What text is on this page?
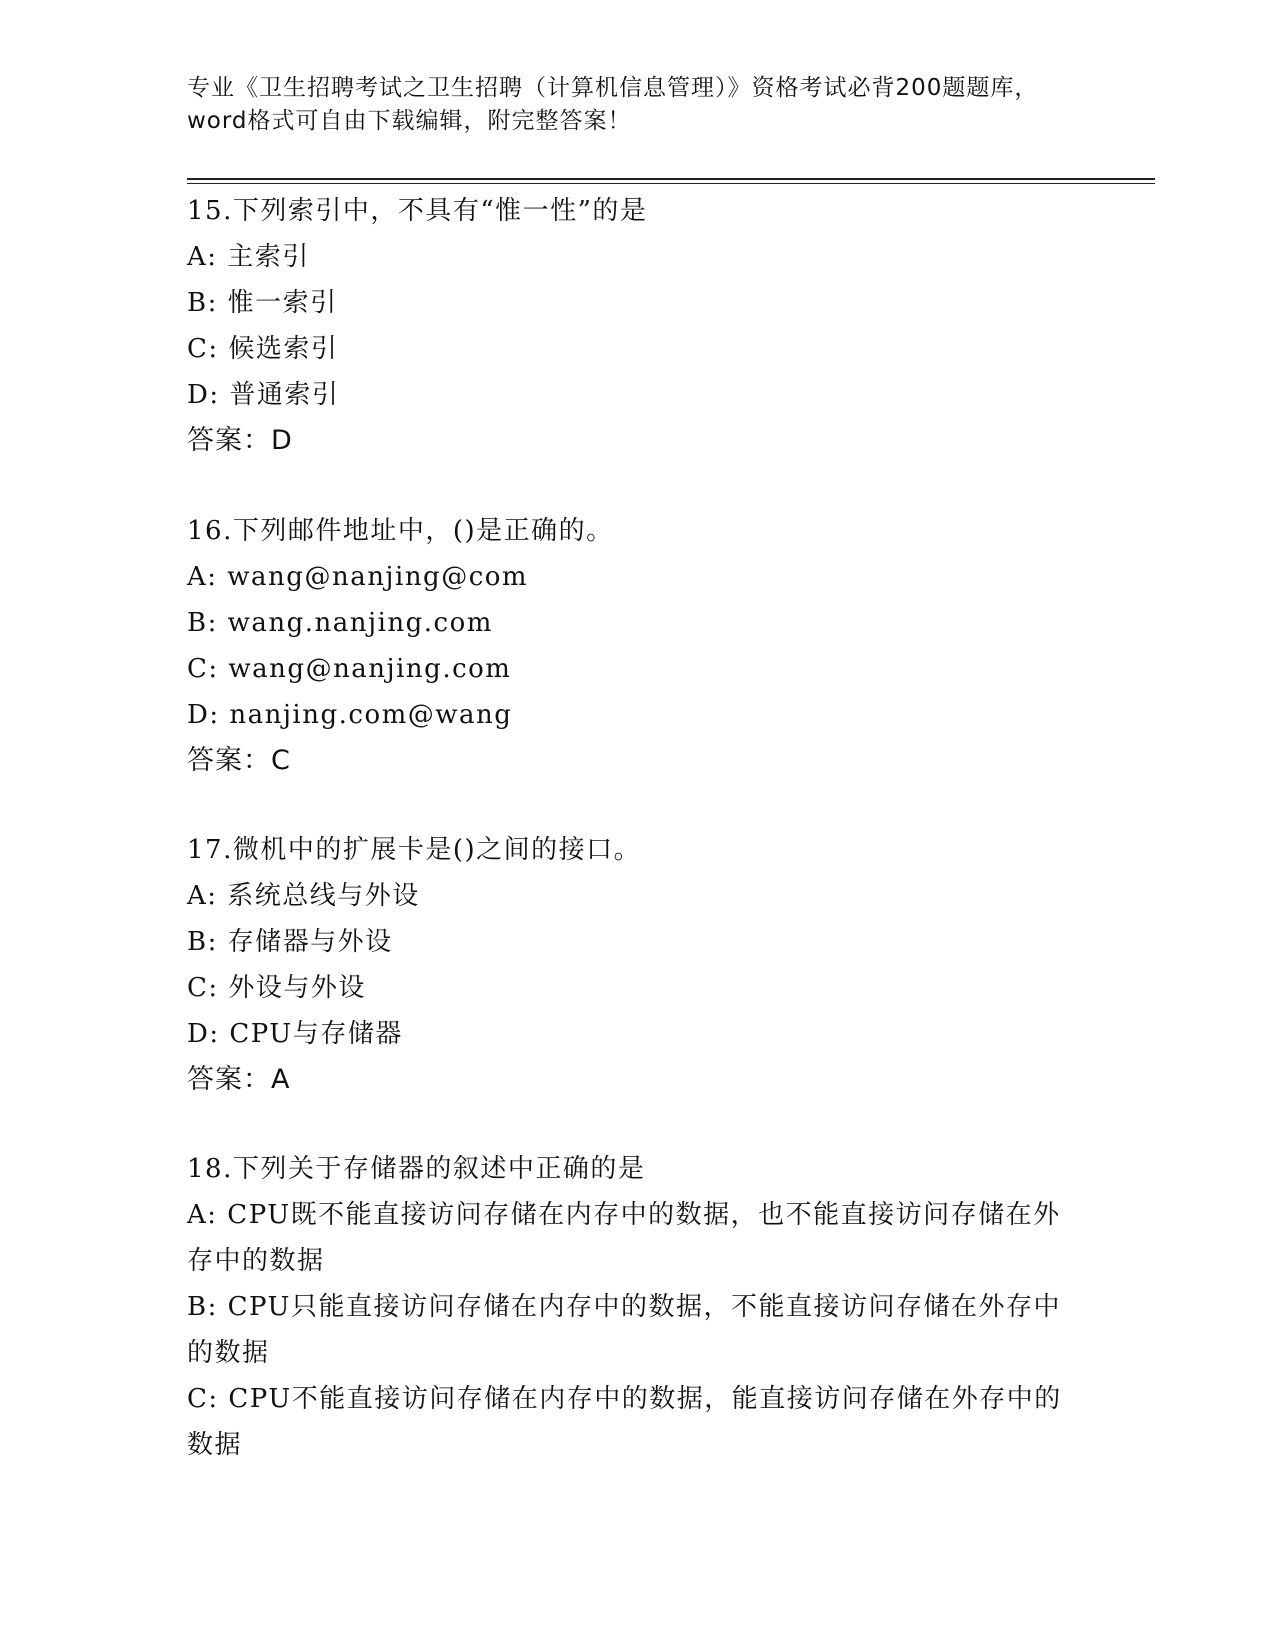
专业《卫生招聘考试之卫生招聘（计算机信息管理）》资格考试必背200题题库，
word格式可自由下载编辑，附完整答案！
15.下列索引中，不具有“惟一性”的是
A: 主索引
B: 惟一索引
C: 候选索引
D: 普通索引
答案：D
16.下列邮件地址中，()是正确的。
A: wang@nanjing@com
B: wang.nanjing.com
C: wang@nanjing.com
D: nanjing.com@wang
答案：C
17.微机中的扩展卡是()之间的接口。
A: 系统总线与外设
B: 存储器与外设
C: 外设与外设
D: CPU与存储器
答案：A
18.下列关于存储器的叙述中正确的是
A: CPU既不能直接访问存储在内存中的数据，也不能直接访问存储在外存中的数据
B: CPU只能直接访问存储在内存中的数据，不能直接访问存储在外存中的数据
C: CPU不能直接访问存储在内存中的数据，能直接访问存储在外存中的数据
